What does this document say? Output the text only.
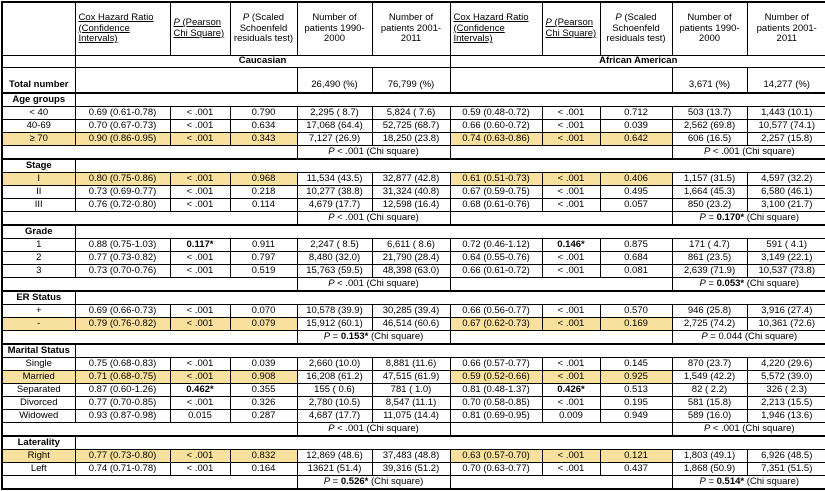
	Cox Hazard Ratio (Confidence Intervals)	P (Pearson Chi Square)	P (Scaled Schoenfeld residuals test)	Number of patients 1990-2000	Number of patients 2001-2011	Cox Hazard Ratio (Confidence Intervals)	P (Pearson Chi Square)	P (Scaled Schoenfeld residuals test)	Number of patients 1990-2000	Number of patients 2001-2011
	Caucasian					African American				
Total number				26,490 (%)	76,799 (%)				3,671 (%)	14,277 (%)
Age groups										
< 40	0.69 (0.61-0.78)	< .001	0.790	2,295 ( 8.7)	5,824 ( 7.6)	0.59 (0.48-0.72)	< .001	0.712	503 (13.7)	1,443 (10.1)
40-69	0.70 (0.67-0.73)	< .001	0.634	17,068 (64.4)	52,725 (68.7)	0.66 (0.60-0.72)	< .001	0.039	2,562 (69.8)	10,577 (74.1)
≥ 70	0.90 (0.86-0.95)	< .001	0.343	7,127 (26.9)	18,250 (23.8)	0.74 (0.63-0.86)	< .001	0.642	606 (16.5)	2,257 (15.8)
				P < .001 (Chi square)					P < .001 (Chi square)	
Stage										
I	0.80 (0.75-0.86)	< .001	0.968	11,534 (43.5)	32,877 (42.8)	0.61 (0.51-0.73)	< .001	0.406	1,157 (31.5)	4,597 (32.2)
II	0.73 (0.69-0.77)	< .001	0.218	10,277 (38.8)	31,324 (40.8)	0.67 (0.59-0.75)	< .001	0.495	1,664 (45.3)	6,580 (46.1)
III	0.76 (0.72-0.80)	< .001	0.114	4,679 (17.7)	12,598 (16.4)	0.68 (0.61-0.76)	< .001	0.057	850 (23.2)	3,100 (21.7)
				P < .001 (Chi square)					P = 0.170* (Chi square)	
Grade										
1	0.88 (0.75-1.03)	0.117*	0.911	2,247 ( 8.5)	6,611 ( 8.6)	0.72 (0.46-1.12)	0.146*	0.875	171 ( 4.7)	591 ( 4.1)
2	0.77 (0.73-0.82)	< .001	0.797	8,480 (32.0)	21,790 (28.4)	0.64 (0.55-0.76)	< .001	0.684	861 (23.5)	3,149 (22.1)
3	0.73 (0.70-0.76)	< .001	0.519	15,763 (59.5)	48,398 (63.0)	0.66 (0.61-0.72)	< .001	0.081	2,639 (71.9)	10,537 (73.8)
				P < .001 (Chi square)					P = 0.053* (Chi square)	
ER Status										
+	0.69 (0.66-0.73)	< .001	0.070	10,578 (39.9)	30,285 (39.4)	0.66 (0.56-0.77)	< .001	0.570	946 (25.8)	3,916 (27.4)
-	0.79 (0.76-0.82)	< .001	0.079	15,912 (60.1)	46,514 (60.6)	0.67 (0.62-0.73)	< .001	0.169	2,725 (74.2)	10,361 (72.6)
				P = 0.153* (Chi square)					P = 0.044 (Chi square)	
Marital Status										
Single	0.75 (0.68-0.83)	< .001	0.039	2,660 (10.0)	8,881 (11.6)	0.66 (0.57-0.77)	< .001	0.145	870 (23.7)	4,220 (29.6)
Married	0.71 (0.68-0.75)	< .001	0.908	16,208 (61.2)	47,515 (61.9)	0.59 (0.52-0.66)	< .001	0.925	1,549 (42.2)	5,572 (39.0)
Separated	0.87 (0.60-1.26)	0.462*	0.355	155 ( 0.6)	781 ( 1.0)	0.81 (0.48-1.37)	0.426*	0.513	82 ( 2.2)	326 ( 2.3)
Divorced	0.77 (0.70-0.85)	< .001	0.326	2,780 (10.5)	8,547 (11.1)	0.70 (0.58-0.85)	< .001	0.195	581 (15.8)	2,213 (15.5)
Widowed	0.93 (0.87-0.98)	0.015	0.287	4,687 (17.7)	11,075 (14.4)	0.81 (0.69-0.95)	0.009	0.949	589 (16.0)	1,946 (13.6)
				P < .001 (Chi square)					P < .001 (Chi square)	
Laterality										
Right	0.77 (0.73-0.80)	< .001	0.832	12,869 (48.6)	37,483 (48.8)	0.63 (0.57-0.70)	< .001	0.121	1,803 (49.1)	6,926 (48.5)
Left	0.74 (0.71-0.78)	< .001	0.164	13621 (51.4)	39,316 (51.2)	0.70 (0.63-0.77)	< .001	0.437	1,868 (50.9)	7,351 (51.5)
				P = 0.526* (Chi square)					P = 0.514* (Chi square)	
